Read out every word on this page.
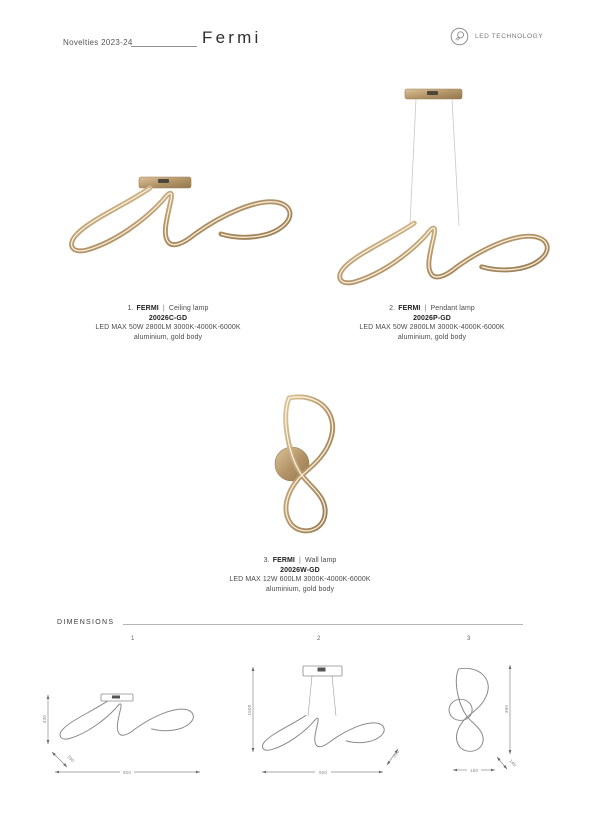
Novelties 2023-24	Fermi	LED TECHNOLOGY
1. FERMI | Ceiling lamp
20026C-GD
LED MAX 50W 2800LM 3000K-4000K-6000K
aluminium, gold body
2. FERMI | Pendant lamp
20026P-GD
LED MAX 50W 2800LM 3000K-4000K-6000K
aluminium, gold body
3. FERMI | Wall lamp
20026W-GD
LED MAX 12W 600LM 3000K-4000K-6000K
aluminium, gold body
DIMENSIONS
1	2	3
330
290
920
1500
290
920
360
140
150
